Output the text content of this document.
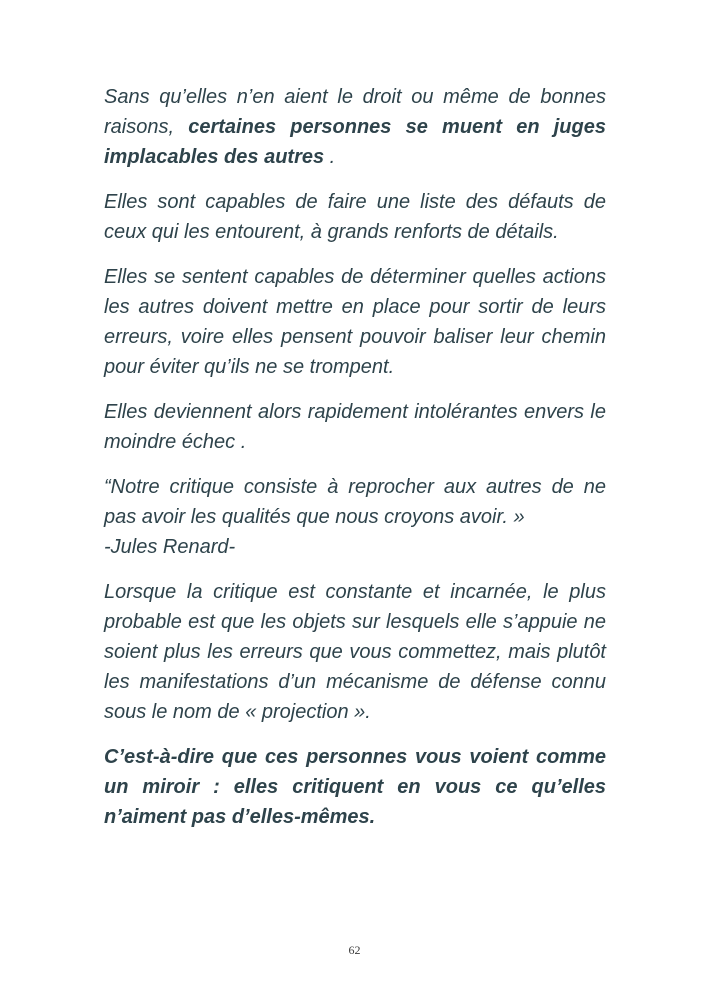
Sans qu’elles n’en aient le droit ou même de bonnes raisons, certaines personnes se muent en juges implacables des autres .

Elles sont capables de faire une liste des défauts de ceux qui les entourent, à grands renforts de détails.

Elles se sentent capables de déterminer quelles actions les autres doivent mettre en place pour sortir de leurs erreurs, voire elles pensent pouvoir baliser leur chemin pour éviter qu’ils ne se trompent.

Elles deviennent alors rapidement intolérantes envers le moindre échec .

“Notre critique consiste à reprocher aux autres de ne pas avoir les qualités que nous croyons avoir. »
-Jules Renard-

Lorsque la critique est constante et incarnée, le plus probable est que les objets sur lesquels elle s’appuie ne soient plus les erreurs que vous commettez, mais plutôt les manifestations d’un mécanisme de défense connu sous le nom de « projection ».

C’est-à-dire que ces personnes vous voient comme un miroir : elles critiquent en vous ce qu’elles n’aiment pas d’elles-mêmes.

62
